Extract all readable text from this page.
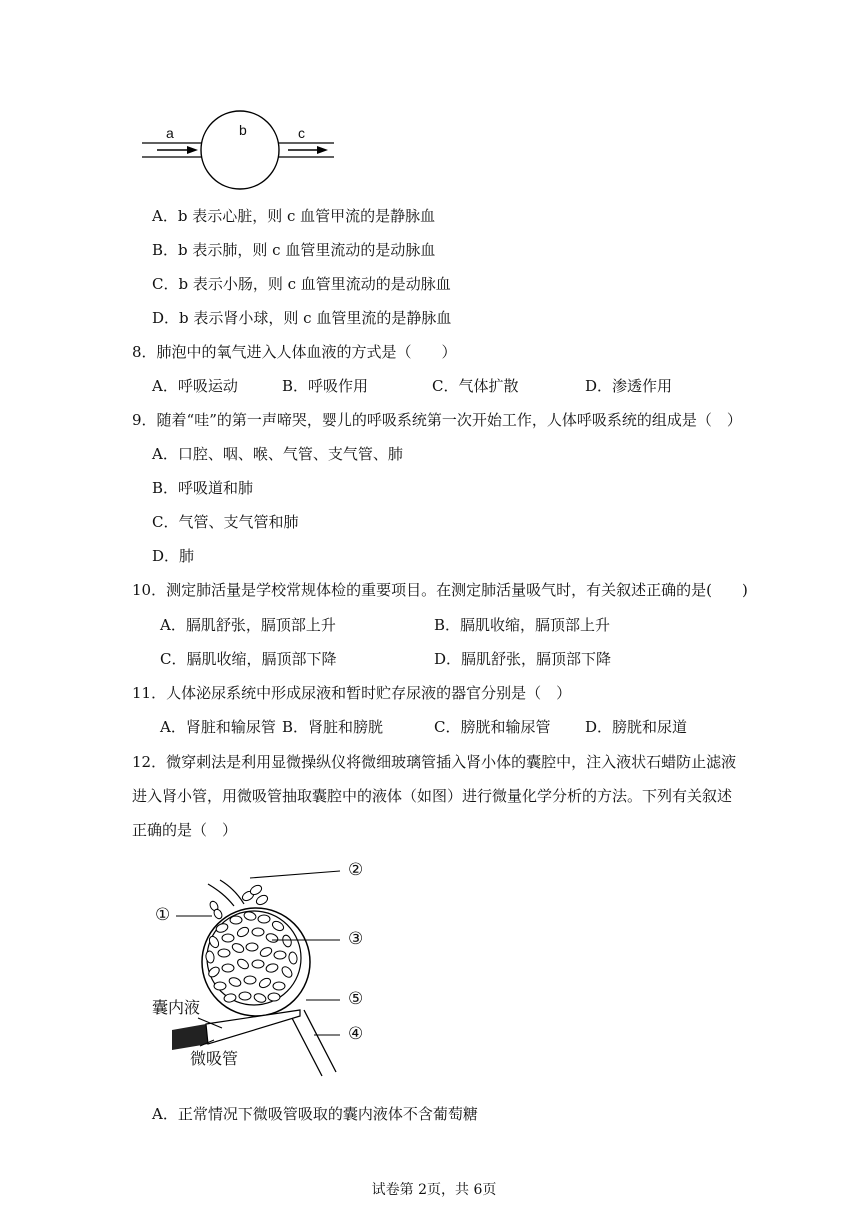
a	b	c
A．b 表示心脏，则 c 血管甲流的是静脉血
B．b 表示肺，则 c 血管里流动的是动脉血
C．b 表示小肠，则 c 血管里流动的是动脉血
D．b 表示肾小球，则 c 血管里流的是静脉血
8．肺泡中的氧气进入人体血液的方式是（　　）
A．呼吸运动	B．呼吸作用	C．气体扩散	D．渗透作用
9．随着“哇”的第一声啼哭，婴儿的呼吸系统第一次开始工作，人体呼吸系统的组成是（　）
A．口腔、咽、喉、气管、支气管、肺
B．呼吸道和肺
C．气管、支气管和肺
D．肺
10．测定肺活量是学校常规体检的重要项目。在测定肺活量吸气时，有关叙述正确的是(　　)
A．膈肌舒张，膈顶部上升	B．膈肌收缩，膈顶部上升
C．膈肌收缩，膈顶部下降	D．膈肌舒张，膈顶部下降
11．人体泌尿系统中形成尿液和暂时贮存尿液的器官分别是（　）
A．肾脏和输尿管 B．肾脏和膀胱	C．膀胱和输尿管 D．膀胱和尿道
12．微穿刺法是利用显微操纵仪将微细玻璃管插入肾小体的囊腔中，注入液状石蜡防止滤液
进入肾小管，用微吸管抽取囊腔中的液体（如图）进行微量化学分析的方法。下列有关叙述
正确的是（　）
①
②
③
④
⑤
囊内液
微吸管
A．正常情况下微吸管吸取的囊内液体不含葡萄糖
试卷第 2页，共 6页
